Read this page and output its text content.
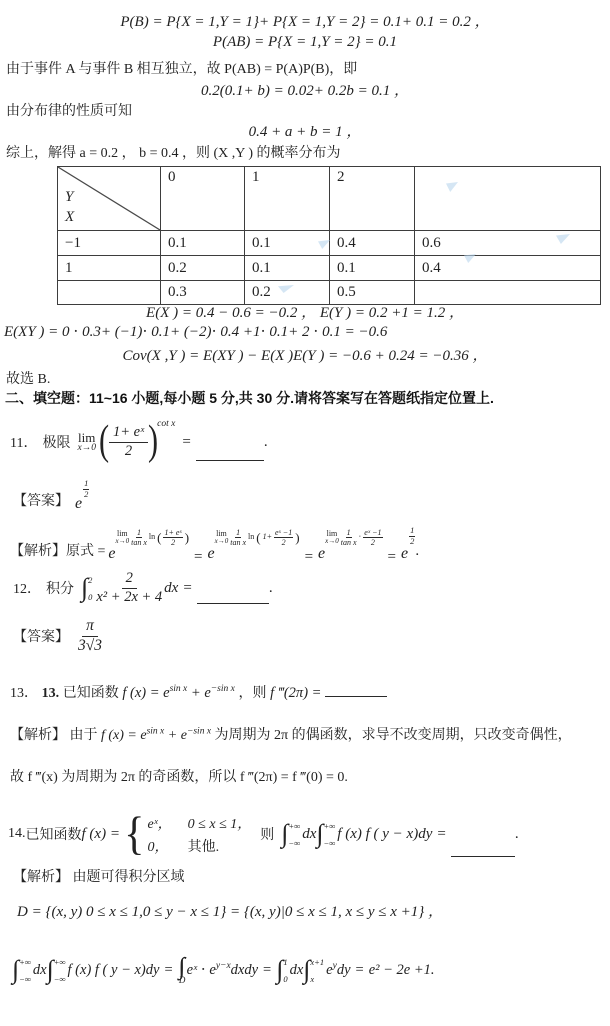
P(B) = P{X = 1,Y = 1}+ P{X = 1,Y = 2} = 0.1+ 0.1 = 0.2 ，
P(AB) = P{X = 1,Y = 2} = 0.1
由于事件 A 与事件 B 相互独立，故 P(AB) = P(A)P(B)，即
0.2(0.1+ b) = 0.02+ 0.2b = 0.1 ，
由分布律的性质可知
0.4 + a + b = 1 ，
综上，解得 a = 0.2 ， b = 0.4 ，则 (X ,Y ) 的概率分布为
Y
X	0	1	2	
−1	0.1	0.1	0.4	0.6
1	0.2	0.1	0.1	0.4
	0.3	0.2	0.5	
E(X ) = 0.4 − 0.6 = −0.2 ， E(Y ) = 0.2 +1 = 1.2 ，
E(XY ) = 0 ⋅ 0.3+ (−1)⋅ 0.1+ (−2)⋅ 0.4 +1⋅ 0.1+ 2 ⋅ 0.1 = −0.6
Cov(X ,Y ) = E(XY ) − E(X )E(Y ) = −0.6 + 0.24 = −0.36 ，
故选 B.
二、填空题：11~16 小题,每小题 5 分,共 30 分.请将答案写在答题纸指定位置上.
11． 极限 lim
x→0 ( $\frac{\text{1+ eˣ}}{2}$ )
cot x
=	.
【答案】 e
1
2
【解析】 原式 = e
lim
x→0
1
tan x
ln ( 1+ eˣ
2 )
= e
lim
x→0
1
tan x
ln ( $1+ \frac{\text{eˣ −1}}{2}$ )
= e
lim
x→0
1
tan x
⋅
eˣ −1
2
= e
1
2
.
12． 积分 ∫ 2
$0 \frac{2}{\text{x² + 2x + 4}}$ dx =	.
【答案】 $\frac{\pi}{3√3}$
13． 13. 已知函数 f $(x) = e^{sin x} + e^{-sin x}$ ，则 f ‴(2π) =
【解析】 由于 f $(x) = e^{sin x} + e^{-sin x}$ 为周期为 2π 的偶函数，求导不改变周期，只改变奇偶性，
故 f ‴(x) 为周期为 2π 的奇函数，所以 f ‴(2π) = f ‴(0) = 0.
14. 已知函数 f (x) = { eˣ， 0 ≤ x ≤ 1，
0， 其他.
则 ∫ +∞
−∞
dx ∫ +∞
−∞
f (x) f ( y − x)dy =	.
【解析】 由题可得积分区域
D = {(x, y) 0 ≤ x ≤ 1,0 ≤ y − x ≤ 1} = {(x, y)|0 ≤ x ≤ 1, x ≤ y ≤ x +1} ，
∫ +∞
−∞
dx ∫ +∞
−∞
f (x) f ( y − x)dy =
D
eˣ ⋅ $e^{y-x}dxdy$ = ∫ 1
0
dx ∫ x+1
x
$e^ydy = e^2 - 2e +1$.
